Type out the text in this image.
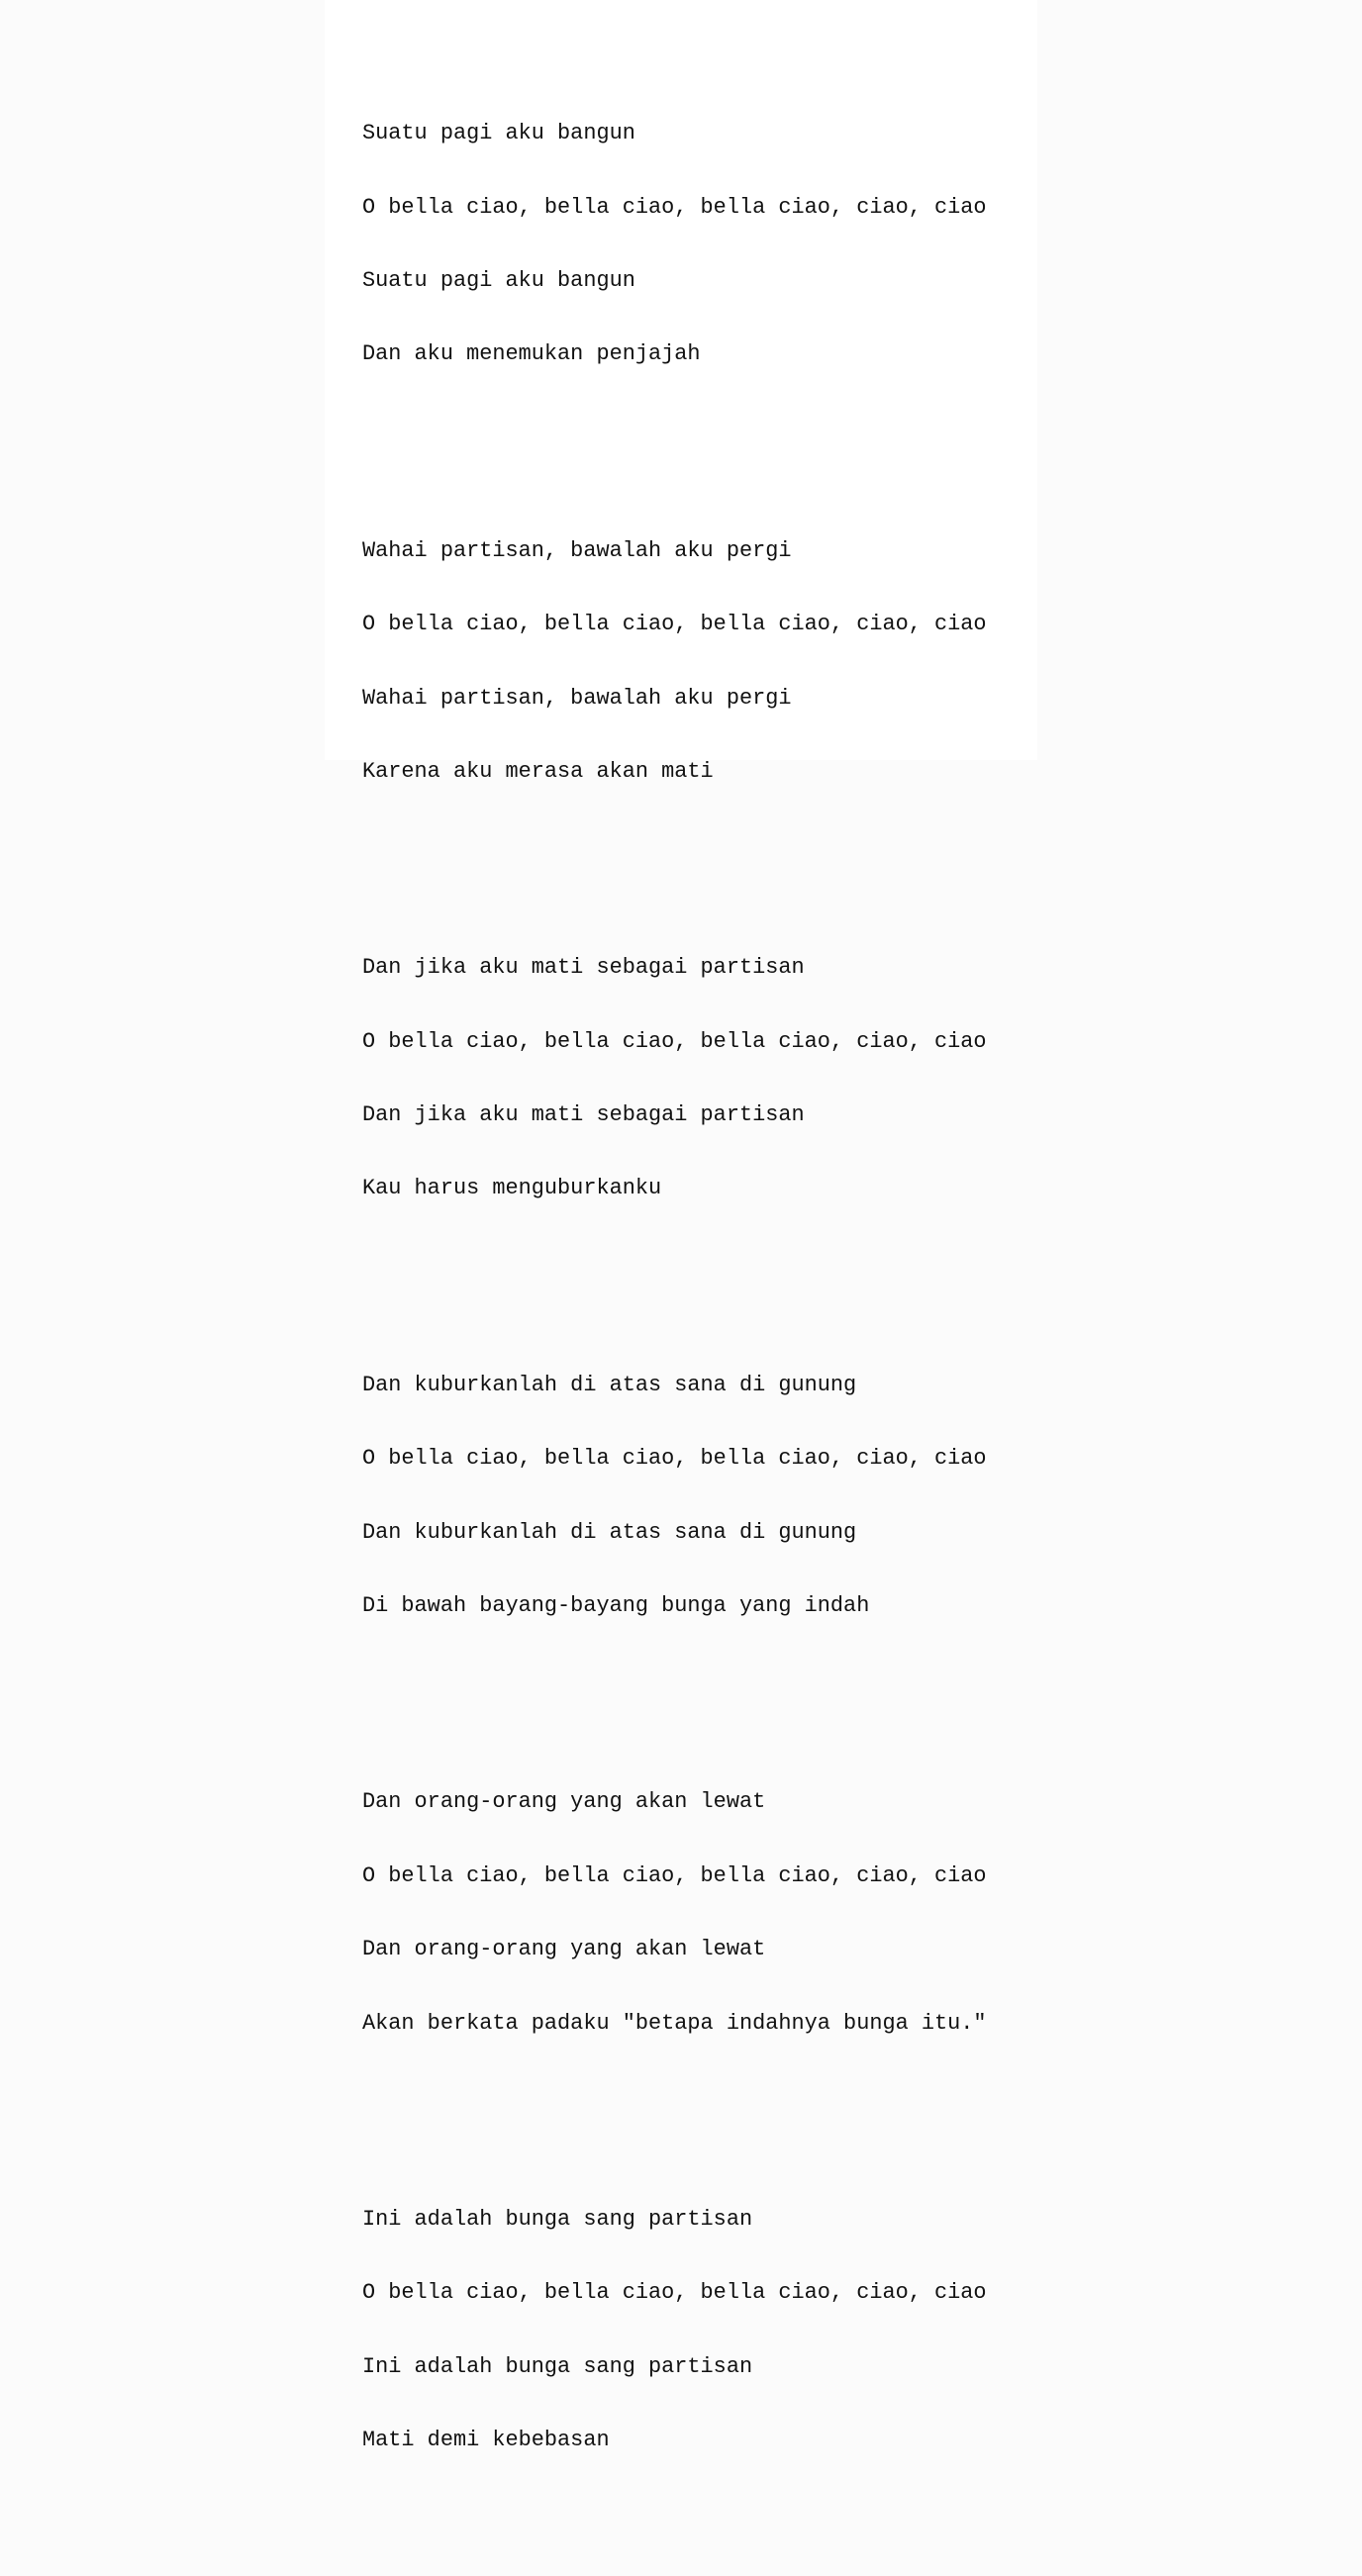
Suatu pagi aku bangun

O bella ciao, bella ciao, bella ciao, ciao, ciao

Suatu pagi aku bangun

Dan aku menemukan penjajah

Wahai partisan, bawalah aku pergi

O bella ciao, bella ciao, bella ciao, ciao, ciao

Wahai partisan, bawalah aku pergi

Karena aku merasa akan mati

Dan jika aku mati sebagai partisan

O bella ciao, bella ciao, bella ciao, ciao, ciao

Dan jika aku mati sebagai partisan

Kau harus menguburkanku

Dan kuburkanlah di atas sana di gunung

O bella ciao, bella ciao, bella ciao, ciao, ciao

Dan kuburkanlah di atas sana di gunung

Di bawah bayang-bayang bunga yang indah

Dan orang-orang yang akan lewat

O bella ciao, bella ciao, bella ciao, ciao, ciao

Dan orang-orang yang akan lewat

Akan berkata padaku "betapa indahnya bunga itu."

Ini adalah bunga sang partisan

O bella ciao, bella ciao, bella ciao, ciao, ciao

Ini adalah bunga sang partisan

Mati demi kebebasan
